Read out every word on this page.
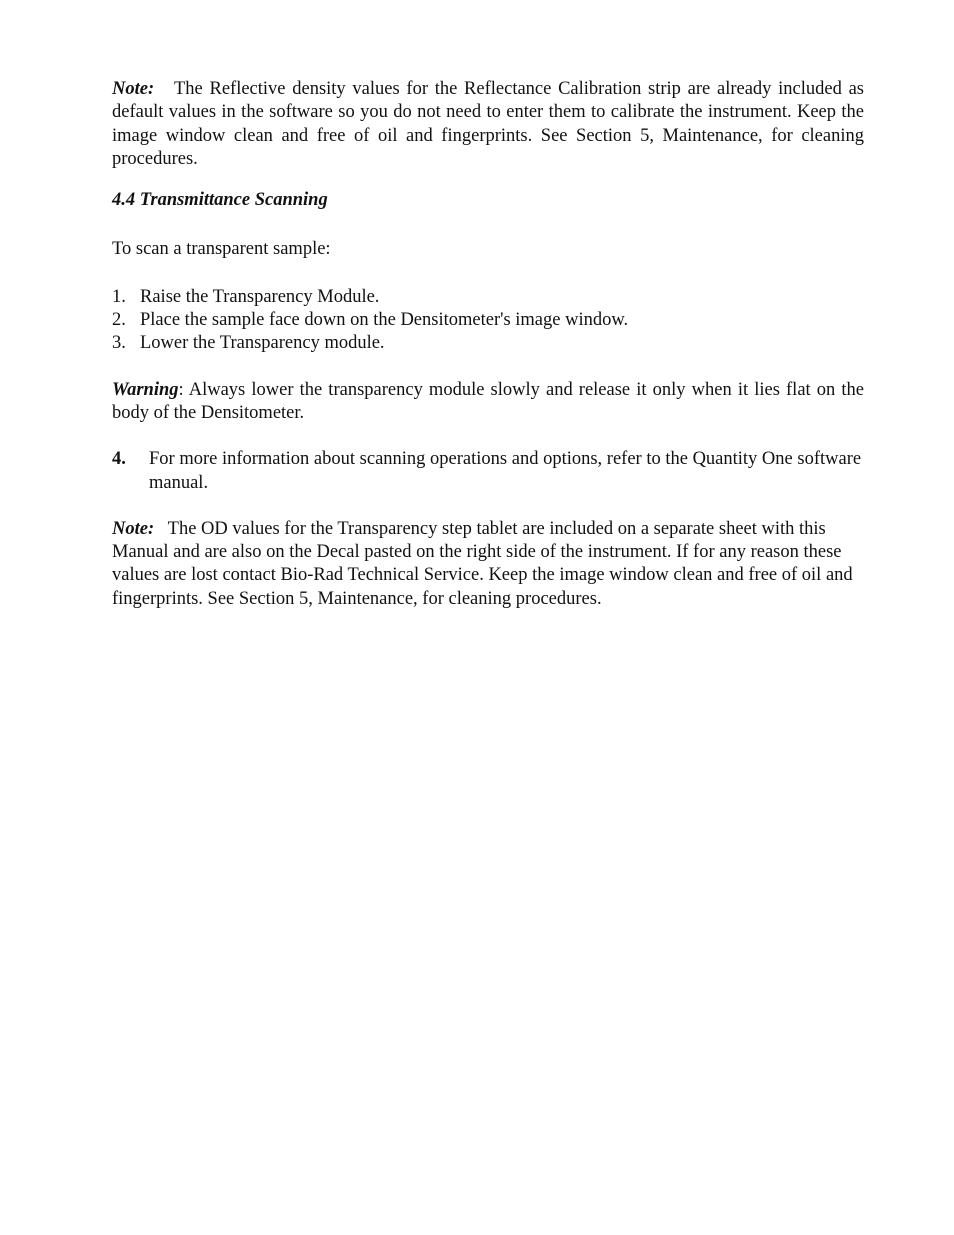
Note: The Reflective density values for the Reflectance Calibration strip are already included as default values in the software so you do not need to enter them to calibrate the instrument. Keep the image window clean and free of oil and fingerprints. See Section 5, Maintenance, for cleaning procedures.

4.4 Transmittance Scanning

To scan a transparent sample:

1. Raise the Transparency Module.
2. Place the sample face down on the Densitometer's image window.
3. Lower the Transparency module.

Warning: Always lower the transparency module slowly and release it only when it lies flat on the body of the Densitometer.

4. For more information about scanning operations and options, refer to the Quantity One software manual.

Note: The OD values for the Transparency step tablet are included on a separate sheet with this Manual and are also on the Decal pasted on the right side of the instrument. If for any reason these values are lost contact Bio-Rad Technical Service. Keep the image window clean and free of oil and fingerprints. See Section 5, Maintenance, for cleaning procedures.
